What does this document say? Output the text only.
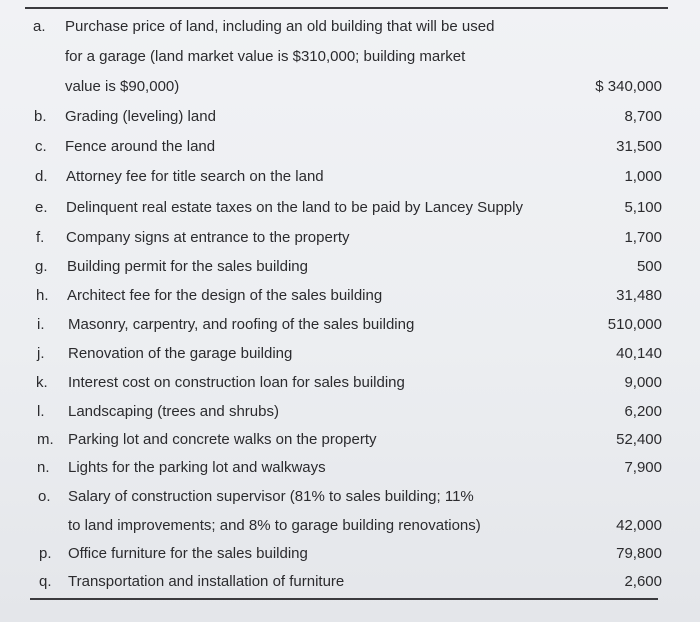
a.	Purchase price of land, including an old building that will be used
for a garage (land market value is $310,000; building market
value is $90,000)	$ 340,000
b.	Grading (leveling) land	8,700
c.	Fence around the land	31,500
d.	Attorney fee for title search on the land	1,000
e.	Delinquent real estate taxes on the land to be paid by Lancey Supply	5,100
f.	Company signs at entrance to the property	1,700
g.	Building permit for the sales building	500
h.	Architect fee for the design of the sales building	31,480
i.	Masonry, carpentry, and roofing of the sales building	510,000
j.	Renovation of the garage building	40,140
k.	Interest cost on construction loan for sales building	9,000
l.	Landscaping (trees and shrubs)	6,200
m. Parking lot and concrete walks on the property	52,400
n.	Lights for the parking lot and walkways	7,900
o.	Salary of construction supervisor (81% to sales building; 11%
to land improvements; and 8% to garage building renovations)	42,000
p.	Office furniture for the sales building	79,800
q.	Transportation and installation of furniture	2,600
